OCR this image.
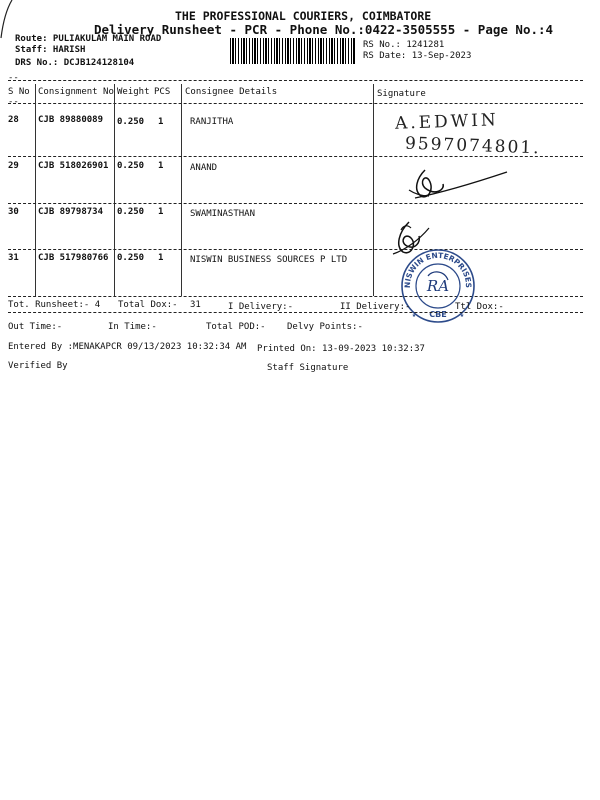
THE PROFESSIONAL COURIERS, COIMBATORE
Delivery Runsheet - PCR - Phone No.:0422-3505555 - Page No.:4
Route: PULIAKULAM MAIN ROAD
Staff: HARISH
DRS No.: DCJB124128104
RS No.: 1241281
RS Date: 13-Sep-2023
--
S No Consignment No Weight PCS Consignee Details	Signature
--
28 CJB 89880089 0.250 1	RANJITHA
29 CJB 518026901 0.250 1	ANAND
30 CJB 89798734 0.250 1	SWAMINASTHAN
31 CJB 517980766 0.250 1	NISWIN BUSINESS SOURCES P LTD
A.EDWIN
9597074801.
NISWIN ENTERPRISES
CBE
★	★
RA
Tot. Runsheet:- 4 Total Dox:- 31	I Delivery:-	II Delivery:-	Ttl Dox:-
Out Time:-	In Time:-	Total POD:- Delvy Points:-
Entered By :MENAKAPCR 09/13/2023 10:32:34 AM Printed On: 13-09-2023 10:32:37
Verified By	Staff Signature
